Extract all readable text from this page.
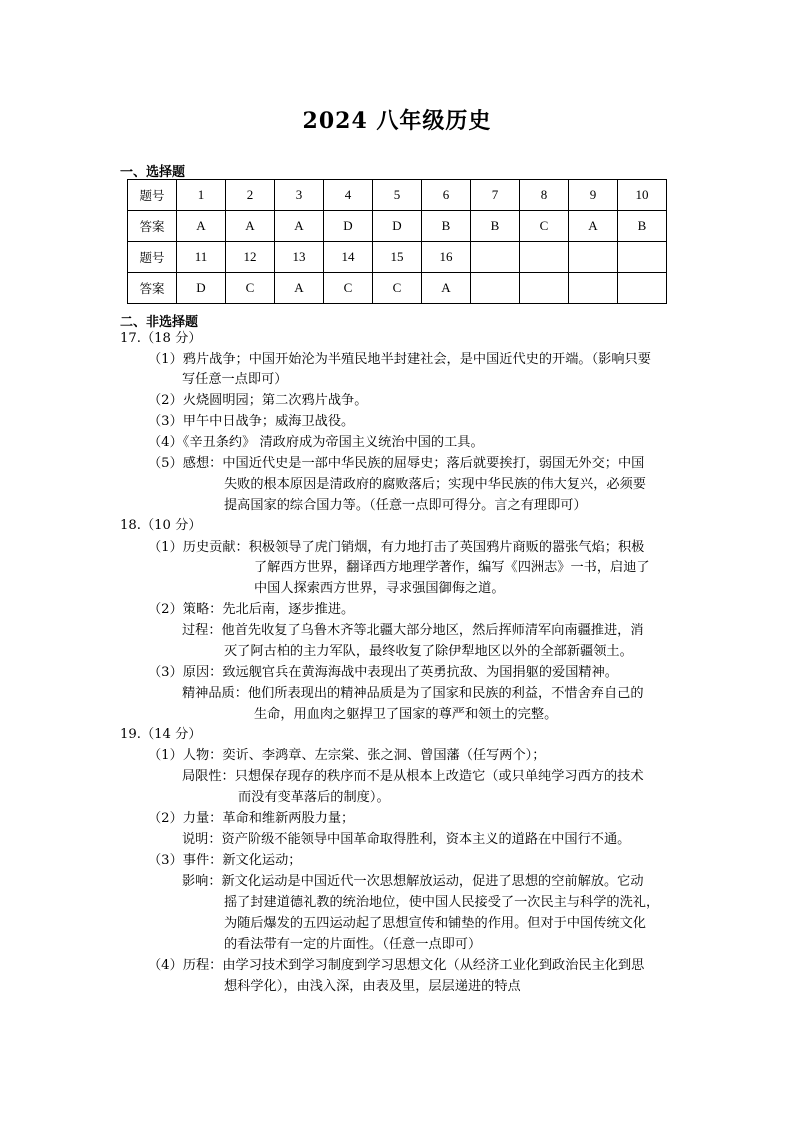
2024 八年级历史
一、选择题
题号	1	2	3	4	5	6	7	8	9	10
答案	A	A	A	D	D	B	B	C	A	B
题号	11	12	13	14	15	16				
答案	D	C	A	C	C	A				
二、非选择题
17.（18 分）
（1）鸦片战争；中国开始沦为半殖民地半封建社会，是中国近代史的开端。（影响只要
写任意一点即可）
（2）火烧圆明园；第二次鸦片战争。
（3）甲午中日战争；威海卫战役。
（4）《辛丑条约》 清政府成为帝国主义统治中国的工具。
（5）感想：中国近代史是一部中华民族的屈辱史；落后就要挨打，弱国无外交；中国
失败的根本原因是清政府的腐败落后；实现中华民族的伟大复兴，必须要
提高国家的综合国力等。（任意一点即可得分。言之有理即可）
18.（10 分）
（1）历史贡献：积极领导了虎门销烟，有力地打击了英国鸦片商贩的嚣张气焰；积极
了解西方世界，翻译西方地理学著作，编写《四洲志》一书，启迪了
中国人探索西方世界，寻求强国御侮之道。
（2）策略：先北后南，逐步推进。
过程：他首先收复了乌鲁木齐等北疆大部分地区，然后挥师清军向南疆推进，消
灭了阿古柏的主力军队，最终收复了除伊犁地区以外的全部新疆领土。
（3）原因：致远舰官兵在黄海海战中表现出了英勇抗敌、为国捐躯的爱国精神。
精神品质：他们所表现出的精神品质是为了国家和民族的利益，不惜舍弃自己的
生命，用血肉之躯捍卫了国家的尊严和领土的完整。
19.（14 分）
（1）人物：奕䜣、李鸿章、左宗棠、张之洞、曾国藩（任写两个）；
局限性：只想保存现存的秩序而不是从根本上改造它（或只单纯学习西方的技术
而没有变革落后的制度）。
（2）力量：革命和维新两股力量；
说明：资产阶级不能领导中国革命取得胜利，资本主义的道路在中国行不通。
（3）事件：新文化运动；
影响：新文化运动是中国近代一次思想解放运动，促进了思想的空前解放。它动
摇了封建道德礼教的统治地位，使中国人民接受了一次民主与科学的洗礼，
为随后爆发的五四运动起了思想宣传和铺垫的作用。但对于中国传统文化
的看法带有一定的片面性。（任意一点即可）
（4）历程：由学习技术到学习制度到学习思想文化（从经济工业化到政治民主化到思
想科学化），由浅入深，由表及里，层层递进的特点
